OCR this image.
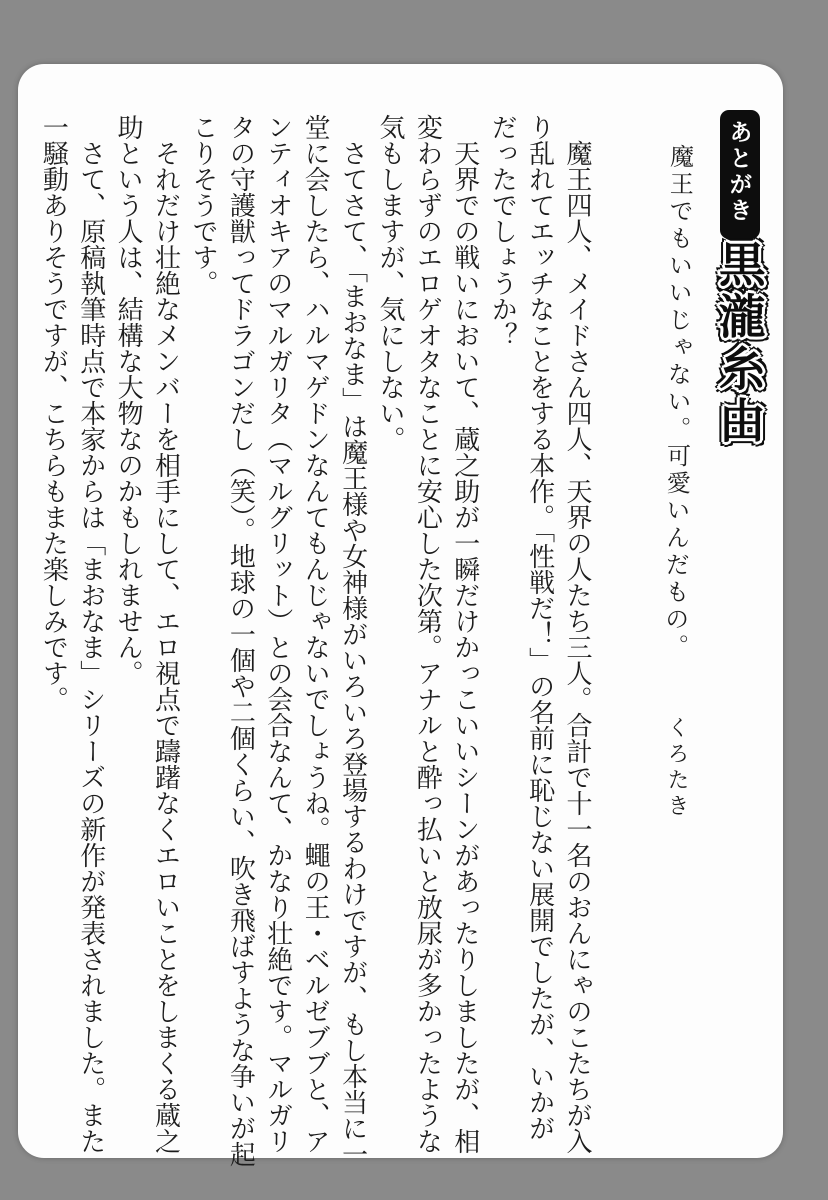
あとがき
黒瀧糸由
魔王でもいいじゃない。可愛いんだもの。
くろたき
　魔王四人、メイドさん四人、天界の人たち三人。合計で十一名のおんにゃのこたちが入
り乱れてエッチなことをする本作。「性戦だ！」の名前に恥じない展開でしたが、いかが
だったでしょうか？
　天界での戦いにおいて、蔵之助が一瞬だけかっこいいシーンがあったりしましたが、相
変わらずのエロゲオタなことに安心した次第。アナルと酔っ払いと放尿が多かったような
気もしますが、気にしない。
　さてさて、「まおなま」は魔王様や女神様がいろいろ登場するわけですが、もし本当に一
堂に会したら、ハルマゲドンなんてもんじゃないでしょうね。蠅の王・ベルゼブブと、ア
ンティオキアのマルガリタ（マルグリット）との会合なんて、かなり壮絶です。マルガリ
タの守護獣ってドラゴンだし（笑）。地球の一個や二個くらい、吹き飛ばすような争いが起
こりそうです。
　それだけ壮絶なメンバーを相手にして、エロ視点で躊躇なくエロいことをしまくる蔵之
助という人は、結構な大物なのかもしれません。
　さて、原稿執筆時点で本家からは「まおなま」シリーズの新作が発表されました。また
一騒動ありそうですが、こちらもまた楽しみです。
